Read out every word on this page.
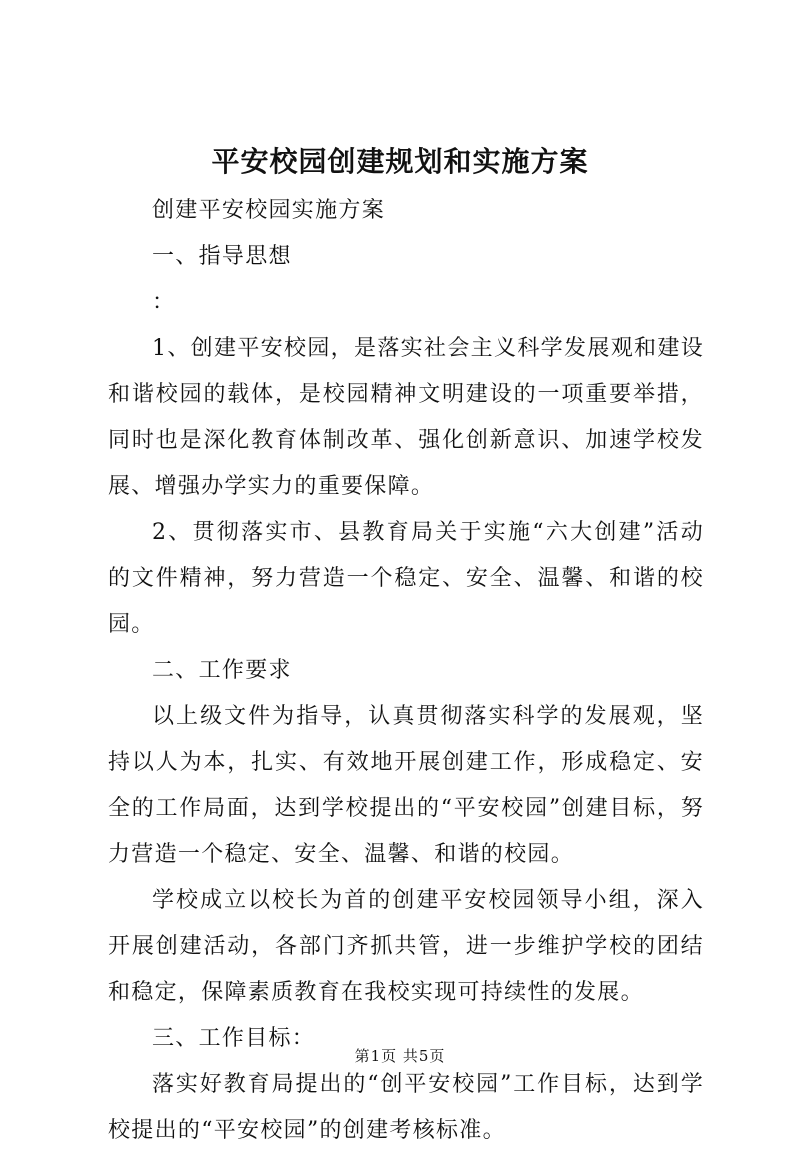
平安校园创建规划和实施方案

创建平安校园实施方案

一、指导思想

：

1、创建平安校园，是落实社会主义科学发展观和建设和谐校园的载体，是校园精神文明建设的一项重要举措，同时也是深化教育体制改革、强化创新意识、加速学校发展、增强办学实力的重要保障。

2、贯彻落实市、县教育局关于实施“六大创建”活动的文件精神，努力营造一个稳定、安全、温馨、和谐的校园。

二、工作要求

以上级文件为指导，认真贯彻落实科学的发展观，坚持以人为本，扎实、有效地开展创建工作，形成稳定、安全的工作局面，达到学校提出的“平安校园”创建目标，努力营造一个稳定、安全、温馨、和谐的校园。

学校成立以校长为首的创建平安校园领导小组，深入开展创建活动，各部门齐抓共管，进一步维护学校的团结和稳定，保障素质教育在我校实现可持续性的发展。

三、工作目标：

落实好教育局提出的“创平安校园”工作目标，达到学校提出的“平安校园”的创建考核标准。

第1页 共5页
